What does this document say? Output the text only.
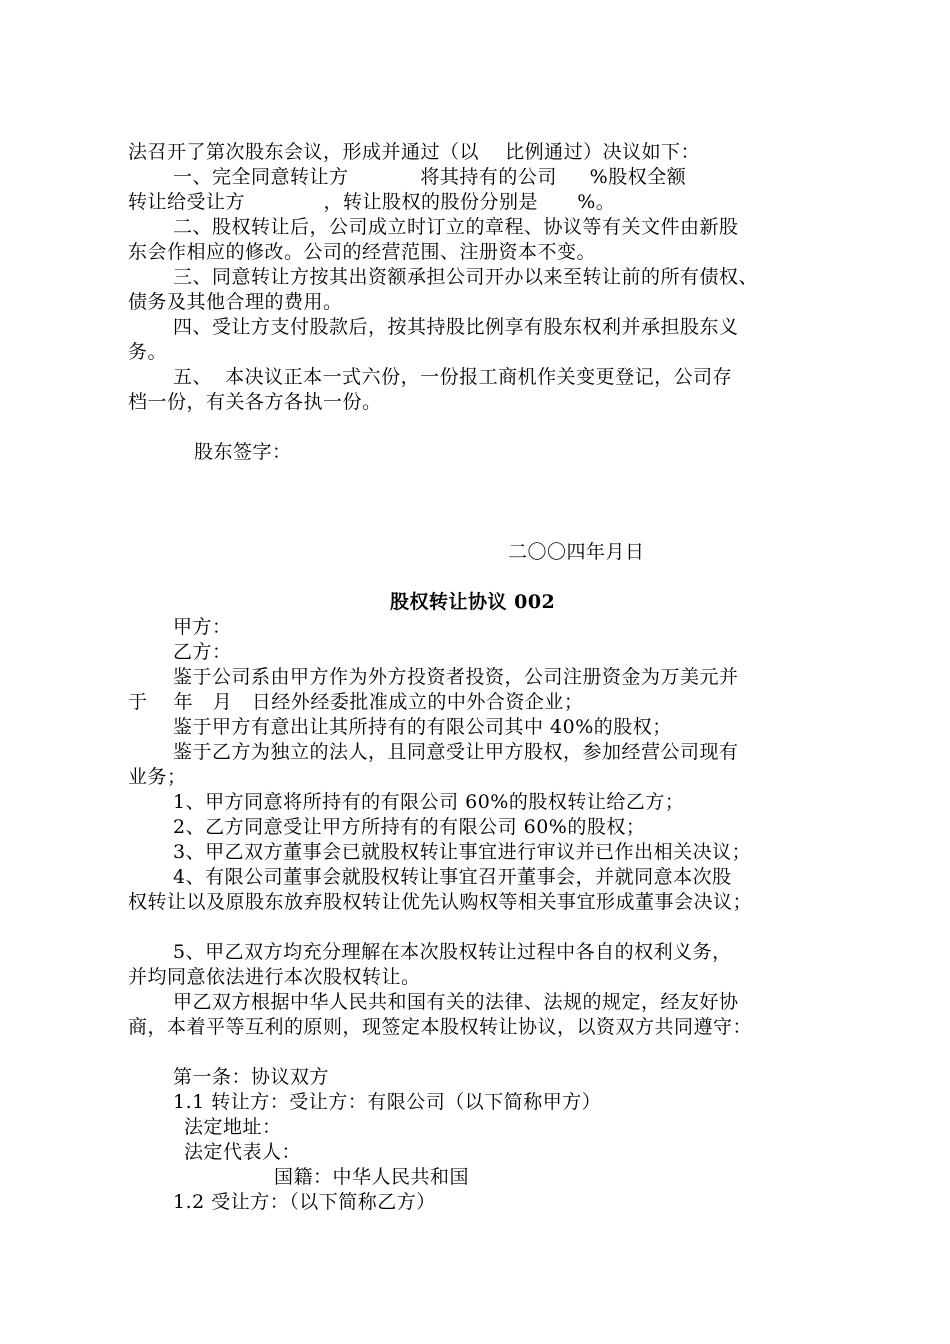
法召开了第次股东会议，形成并通过（以    比例通过）决议如下：
一、完全同意转让方           将其持有的公司     %股权全额
转让给受让方            ，转让股权的股份分别是      %。
二、股权转让后，公司成立时订立的章程、协议等有关文件由新股
东会作相应的修改。公司的经营范围、注册资本不变。
三、同意转让方按其出资额承担公司开办以来至转让前的所有债权、
债务及其他合理的费用。
四、受让方支付股款后，按其持股比例享有股东权利并承担股东义
务。
五、  本决议正本一式六份，一份报工商机作关变更登记，公司存
档一份，有关各方各执一份。
股东签字：
二〇〇四年月日
股权转让协议 002
甲方：
乙方：
鉴于公司系由甲方作为外方投资者投资，公司注册资金为万美元并
于    年   月   日经外经委批准成立的中外合资企业；
鉴于甲方有意出让其所持有的有限公司其中 40%的股权；
鉴于乙方为独立的法人，且同意受让甲方股权，参加经营公司现有
业务；
1、甲方同意将所持有的有限公司 60%的股权转让给乙方；
2、乙方同意受让甲方所持有的有限公司 60%的股权；
3、甲乙双方董事会已就股权转让事宜进行审议并已作出相关决议；
4、有限公司董事会就股权转让事宜召开董事会，并就同意本次股
权转让以及原股东放弃股权转让优先认购权等相关事宜形成董事会决议；
5、甲乙双方均充分理解在本次股权转让过程中各自的权利义务，
并均同意依法进行本次股权转让。
甲乙双方根据中华人民共和国有关的法律、法规的规定，经友好协
商，本着平等互利的原则，现签定本股权转让协议，以资双方共同遵守：
第一条：协议双方
1.1 转让方：受让方：有限公司（以下简称甲方）
法定地址：
法定代表人：
国籍：中华人民共和国
1.2 受让方：（以下简称乙方）
